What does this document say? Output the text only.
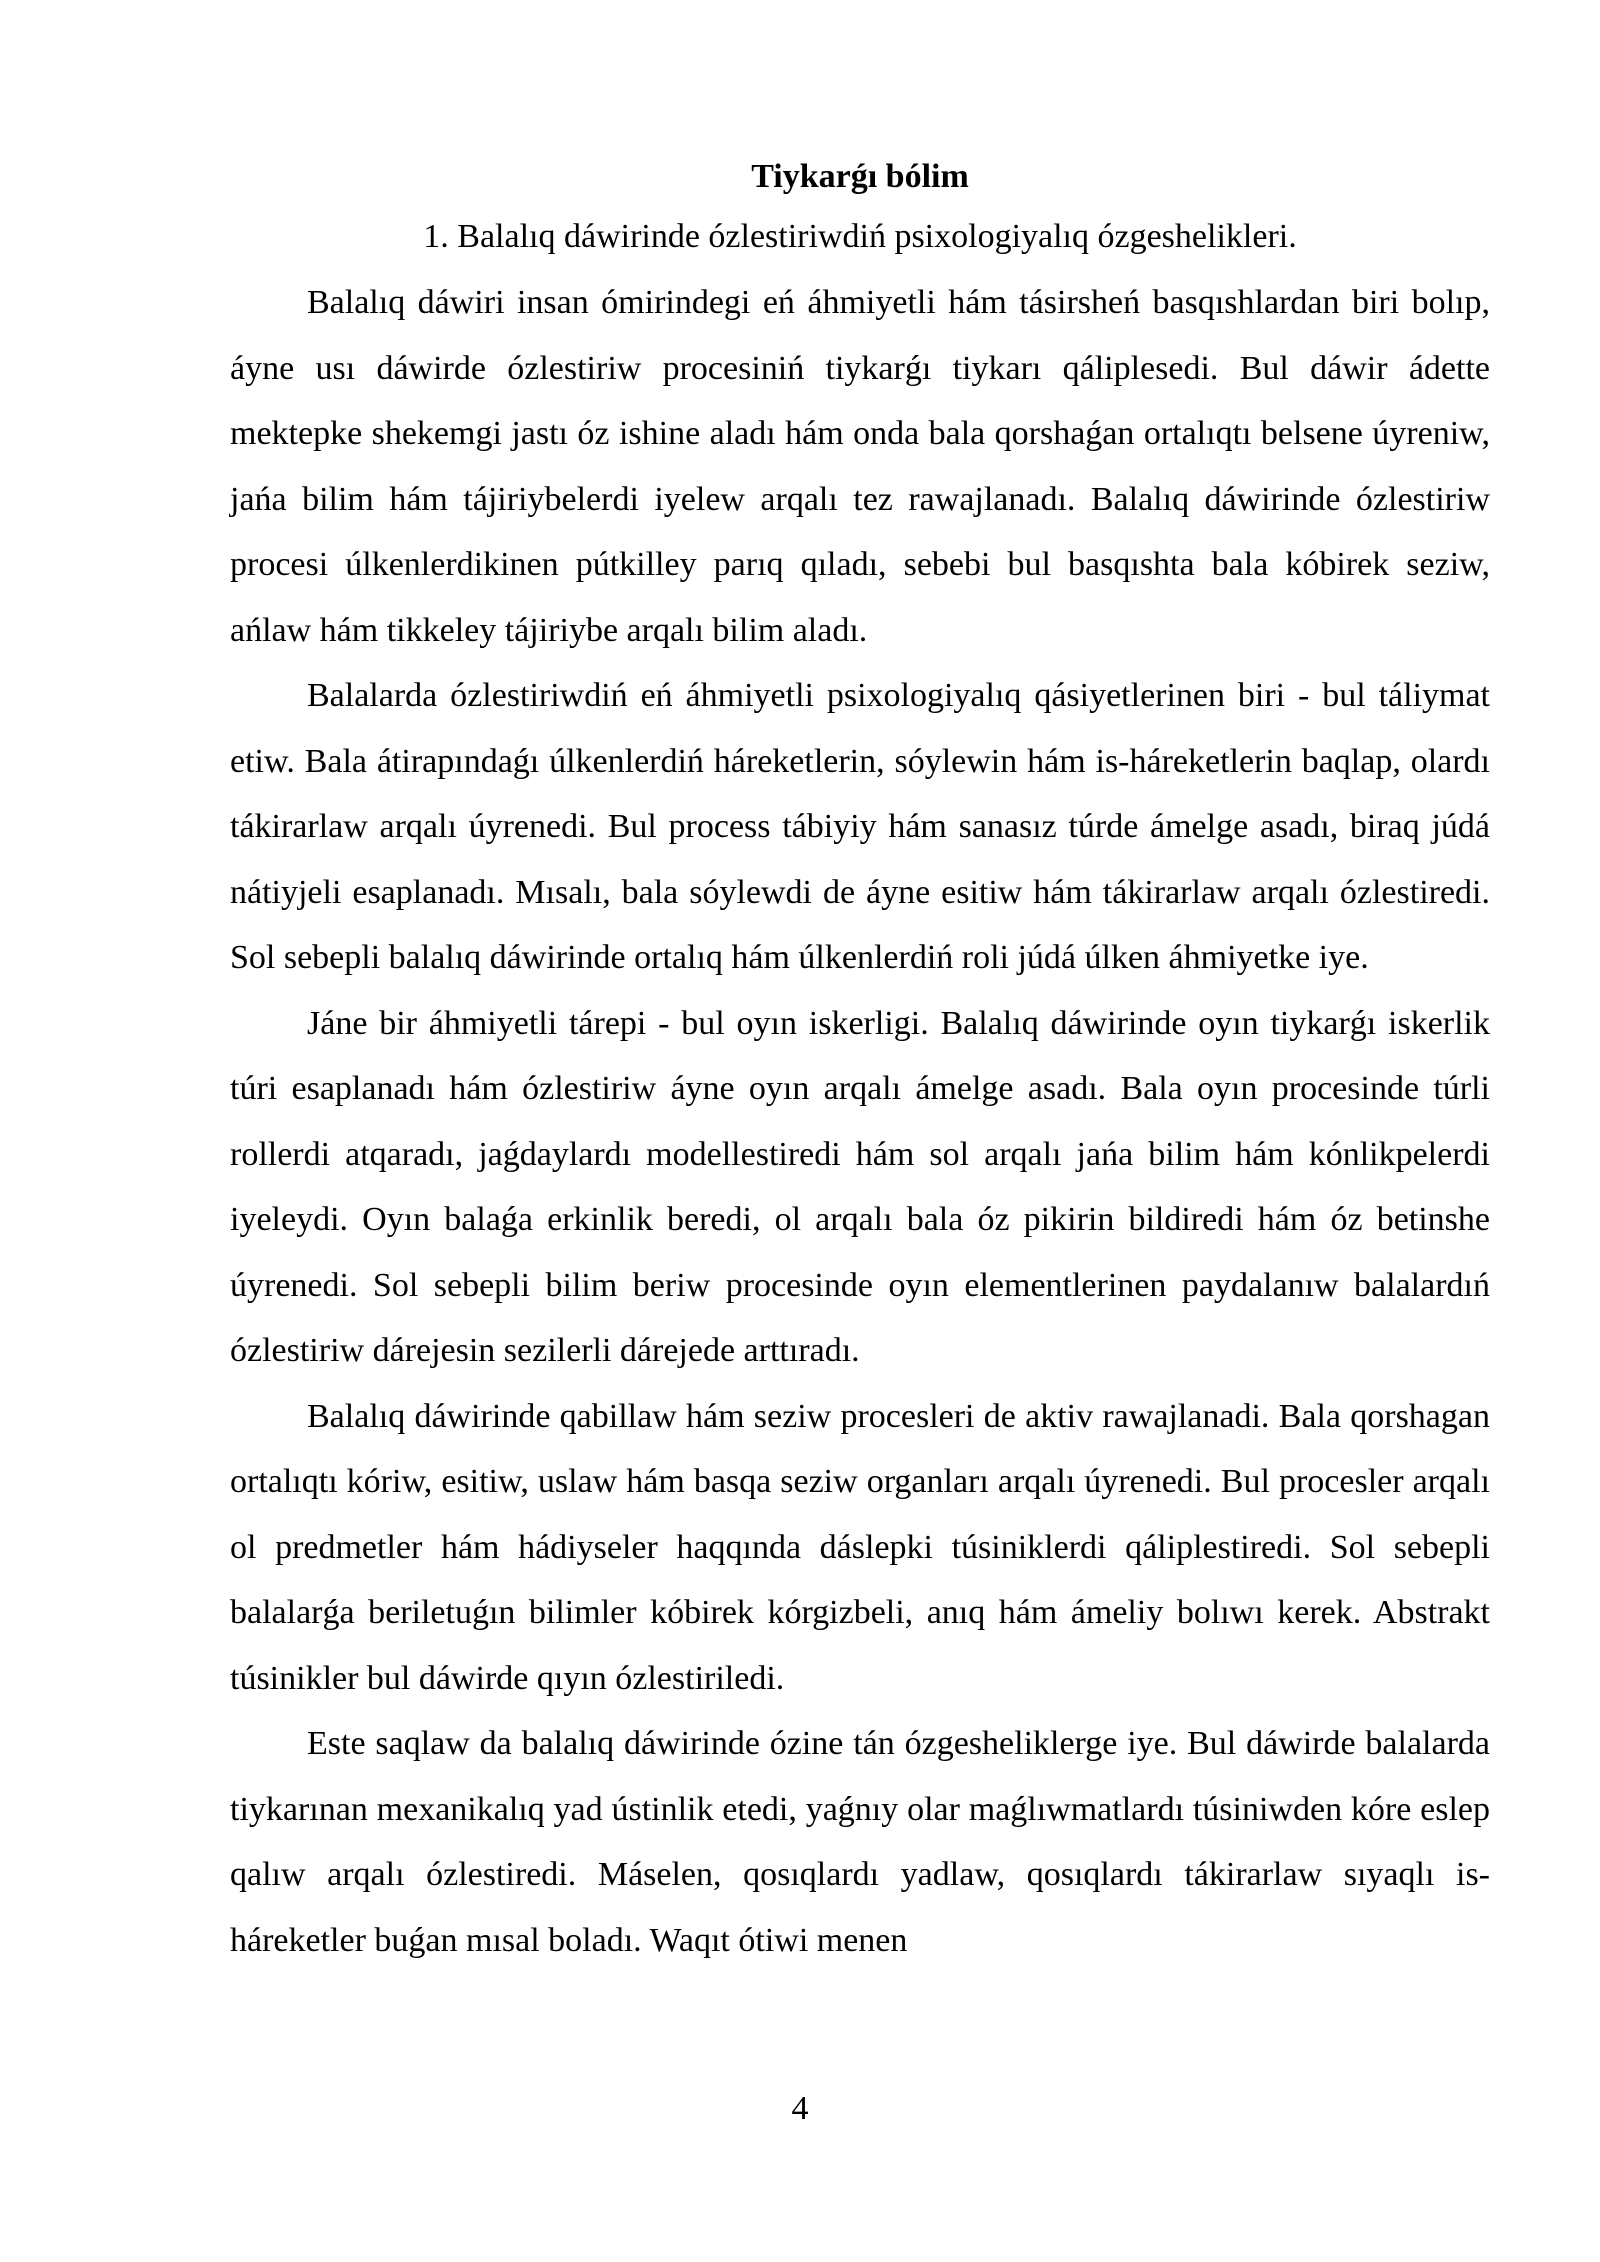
Tiykarǵı bólim

1. Balalıq dáwirinde ózlestiriwdiń psixologiyalıq ózgeshelikleri.

Balalıq dáwiri insan ómirindegi eń áhmiyetli hám tásirsheń basqıshlardan biri bolıp, áyne usı dáwirde ózlestiriw procesiniń tiykarǵı tiykarı qáliplesedi. Bul dáwir ádette mektepke shekemgi jastı óz ishine aladı hám onda bala qorshaǵan ortalıqtı belsene úyreniw, jańa bilim hám tájiriybelerdi iyelew arqalı tez rawajlanadı. Balalıq dáwirinde ózlestiriw procesi úlkenlerdikinen pútkilley parıq qıladı, sebebi bul basqıshta bala kóbirek seziw, ańlaw hám tikkeley tájiriybe arqalı bilim aladı.

Balalarda ózlestiriwdiń eń áhmiyetli psixologiyalıq qásiyetlerinen biri - bul táliymat etiw. Bala átirapındaǵı úlkenlerdiń háreketlerin, sóylewin hám is-háreketlerin baqlap, olardı tákirarlaw arqalı úyrenedi. Bul process tábiyiy hám sanasız túrde ámelge asadı, biraq júdá nátiyjeli esaplanadı. Mısalı, bala sóylewdi de áyne esitiw hám tákirarlaw arqalı ózlestiredi. Sol sebepli balalıq dáwirinde ortalıq hám úlkenlerdiń roli júdá úlken áhmiyetke iye.

Jáne bir áhmiyetli tárepi - bul oyın iskerligi. Balalıq dáwirinde oyın tiykarǵı iskerlik túri esaplanadı hám ózlestiriw áyne oyın arqalı ámelge asadı. Bala oyın procesinde túrli rollerdi atqaradı, jaǵdaylardı modellestiredi hám sol arqalı jańa bilim hám kónlikpelerdi iyeleydi. Oyın balaǵa erkinlik beredi, ol arqalı bala óz pikirin bildiredi hám óz betinshe úyrenedi. Sol sebepli bilim beriw procesinde oyın elementlerinen paydalanıw balalardıń ózlestiriw dárejesin sezilerli dárejede arttıradı.

Balalıq dáwirinde qabillaw hám seziw procesleri de aktiv rawajlanadi. Bala qorshagan ortalıqtı kóriw, esitiw, uslaw hám basqa seziw organları arqalı úyrenedi. Bul procesler arqalı ol predmetler hám hádiyseler haqqında dáslepki túsiniklerdi qáliplestiredi. Sol sebepli balalarǵa beriletuǵın bilimler kóbirek kórgizbeli, anıq hám ámeliy bolıwı kerek. Abstrakt túsinikler bul dáwirde qıyın ózlestiriledi.

Este saqlaw da balalıq dáwirinde ózine tán ózgesheliklerge iye. Bul dáwirde balalarda tiykarınan mexanikalıq yad ústinlik etedi, yaǵnıy olar maǵlıwmatlardı túsiniwden kóre eslep qalıw arqalı ózlestiredi. Máselen, qosıqlardı yadlaw, qosıqlardı tákirarlaw sıyaqlı is-háreketler buǵan mısal boladı. Waqıt ótiwi menen

4
